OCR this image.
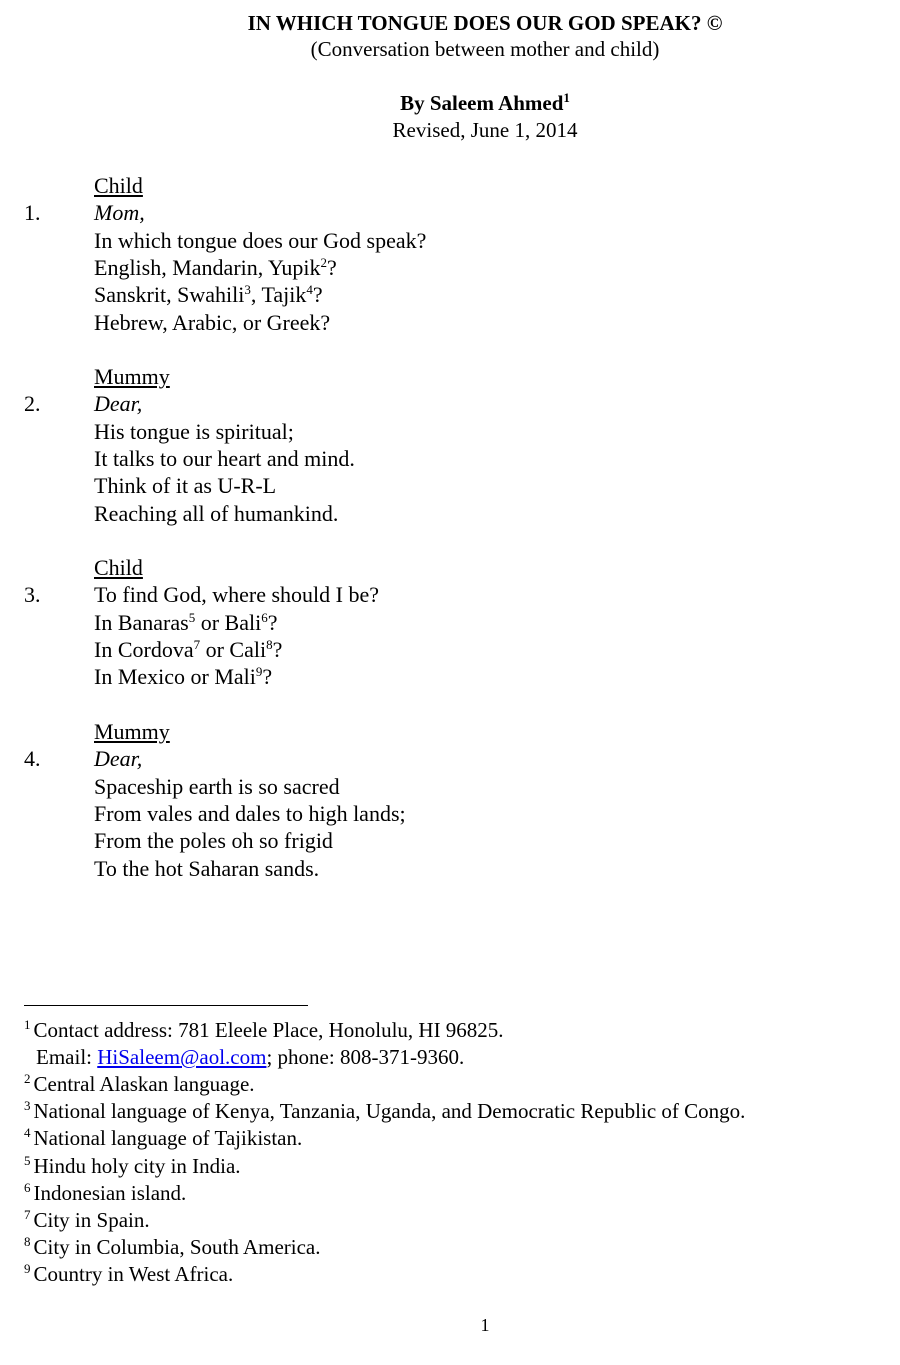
IN WHICH TONGUE DOES OUR GOD SPEAK? ©
(Conversation between mother and child)
By Saleem Ahmed$^1$
Revised, June 1, 2014
Child
1. Mom,
In which tongue does our God speak?
English, Mandarin, Yupik$^2$?
Sanskrit, Swahili$^3$, Tajik$^4$?
Hebrew, Arabic, or Greek?
Mummy
2. Dear,
His tongue is spiritual;
It talks to our heart and mind.
Think of it as U-R-L
Reaching all of humankind.
Child
3. To find God, where should I be?
In Banaras$^5$ or Bali$^6$?
In Cordova$^7$ or Cali$^8$?
In Mexico or Mali$^9$?
Mummy
4. Dear,
Spaceship earth is so sacred
From vales and dales to high lands;
From the poles oh so frigid
To the hot Saharan sands.
$^1$ Contact address: 781 Eleele Place, Honolulu, HI 96825.
Email: HiSaleem@aol.com; phone: 808-371-9360.
$^2$ Central Alaskan language.
$^3$ National language of Kenya, Tanzania, Uganda, and Democratic Republic of Congo.
$^4$ National language of Tajikistan.
$^5$ Hindu holy city in India.
$^6$ Indonesian island.
$^7$ City in Spain.
$^8$ City in Columbia, South America.
$^9$ Country in West Africa.
1
